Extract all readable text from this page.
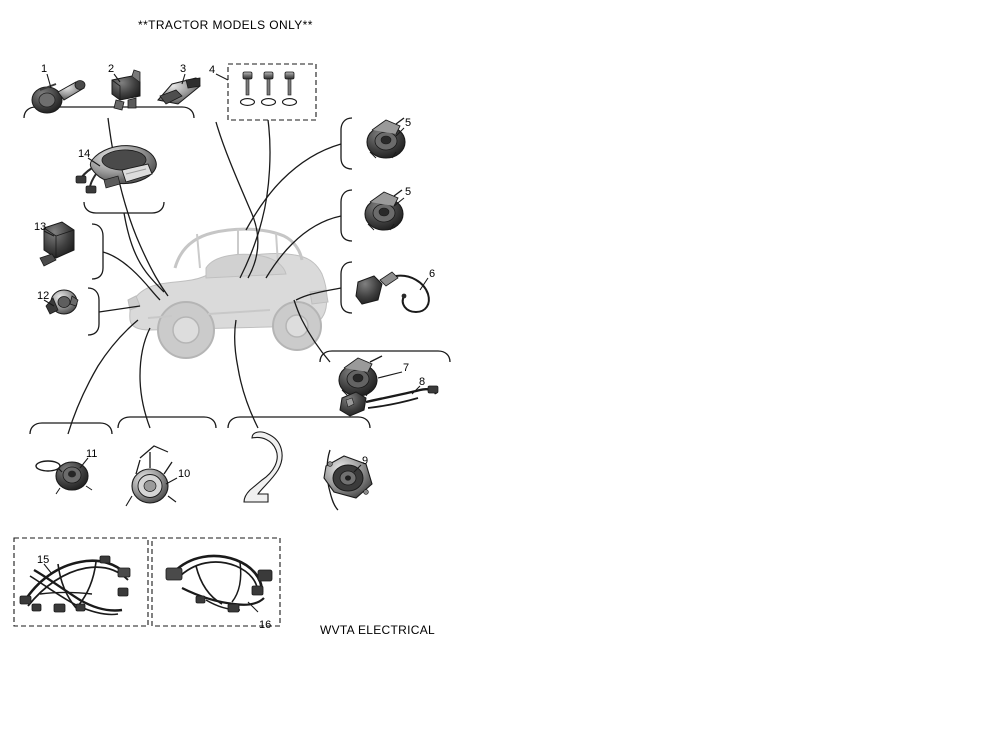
**TRACTOR MODELS ONLY**
WVTA ELECTRICAL
1	2	3 4
5
5
6
7
8
9
10
11
12
13
14
15
16
